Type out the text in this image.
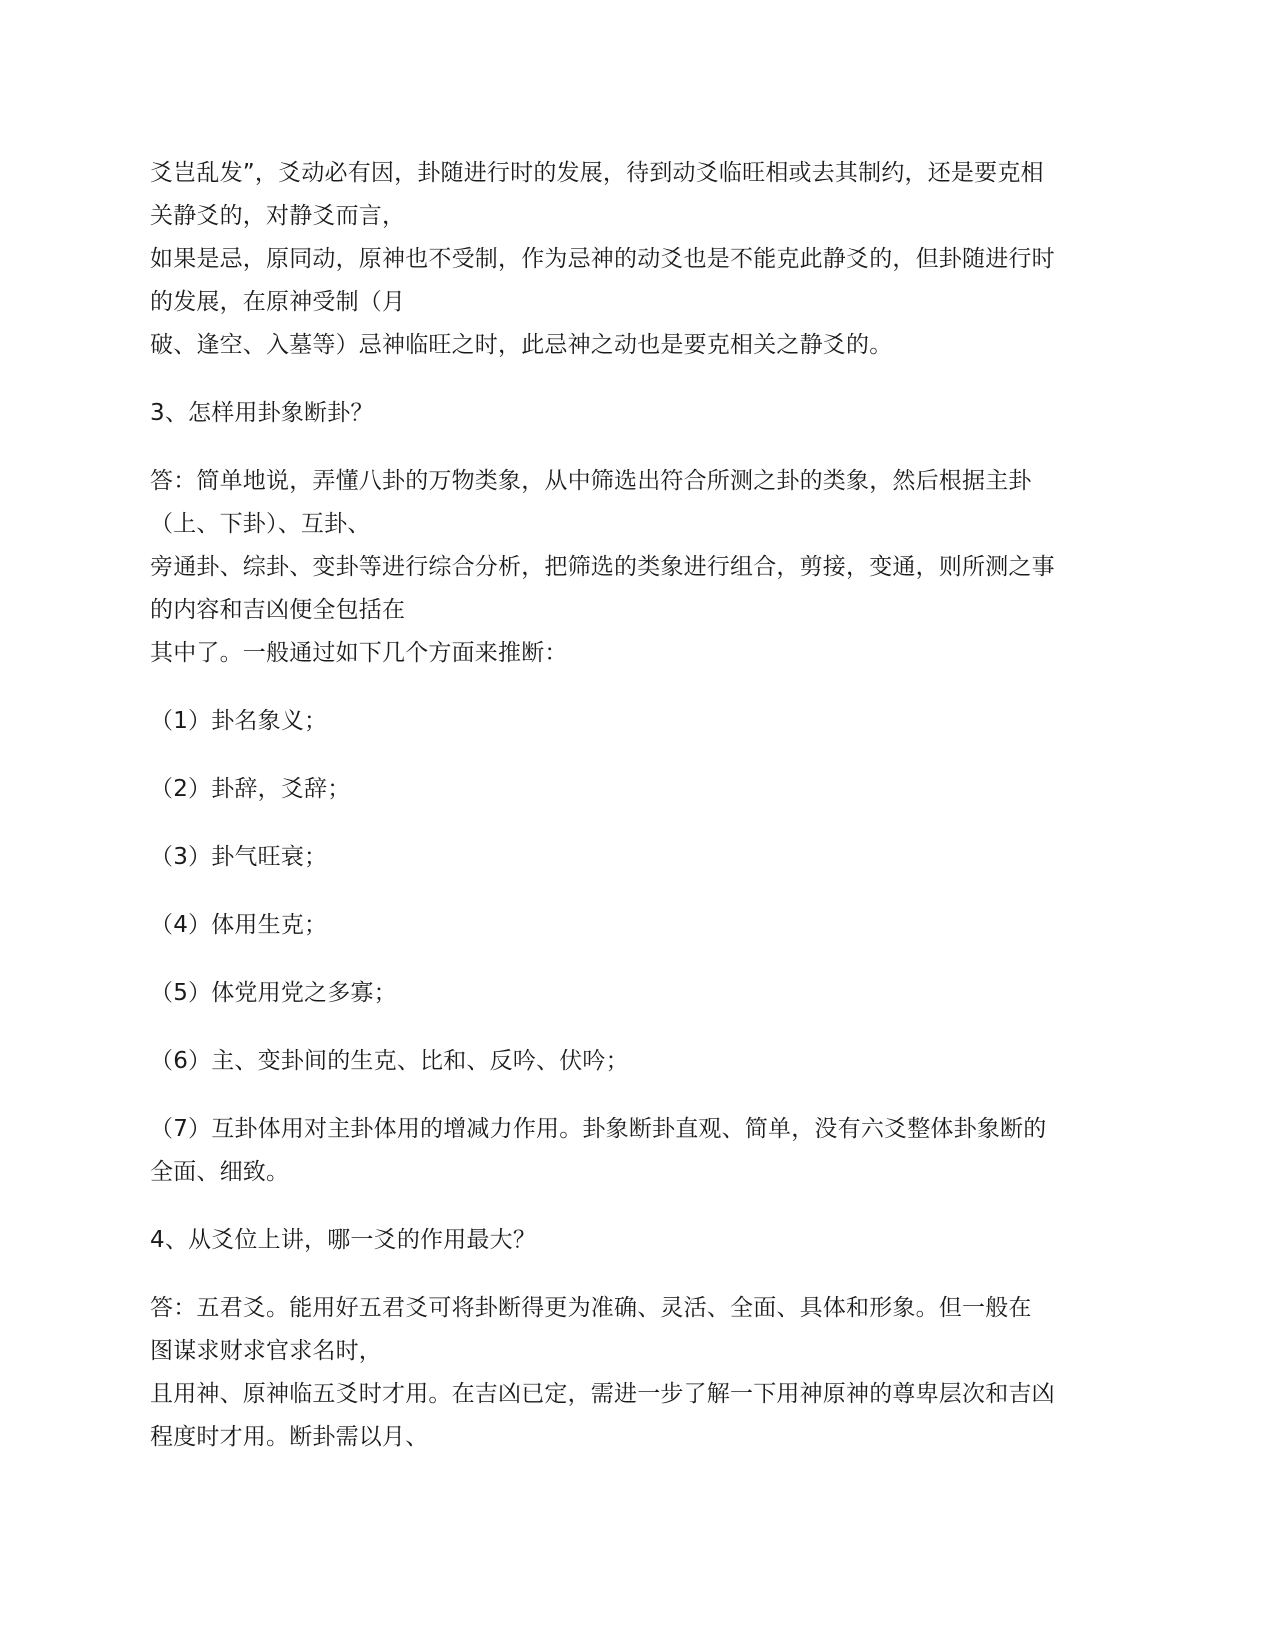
爻岂乱发”，爻动必有因，卦随进行时的发展，待到动爻临旺相或去其制约，还是要克相
关静爻的，对静爻而言，
如果是忌，原同动，原神也不受制，作为忌神的动爻也是不能克此静爻的，但卦随进行时
的发展，在原神受制（月
破、逢空、入墓等）忌神临旺之时，此忌神之动也是要克相关之静爻的。
3、怎样用卦象断卦？
答：简单地说，弄懂八卦的万物类象，从中筛选出符合所测之卦的类象，然后根据主卦
（上、下卦）、互卦、
旁通卦、综卦、变卦等进行综合分析，把筛选的类象进行组合，剪接，变通，则所测之事
的内容和吉凶便全包括在
其中了。一般通过如下几个方面来推断：
（1）卦名象义；
（2）卦辞，爻辞；
（3）卦气旺衰；
（4）体用生克；
（5）体党用党之多寡；
（6）主、变卦间的生克、比和、反吟、伏吟；
（7）互卦体用对主卦体用的增减力作用。卦象断卦直观、简单，没有六爻整体卦象断的
全面、细致。
4、从爻位上讲，哪一爻的作用最大？
答：五君爻。能用好五君爻可将卦断得更为准确、灵活、全面、具体和形象。但一般在
图谋求财求官求名时，
且用神、原神临五爻时才用。在吉凶已定，需进一步了解一下用神原神的尊卑层次和吉凶
程度时才用。断卦需以月、
